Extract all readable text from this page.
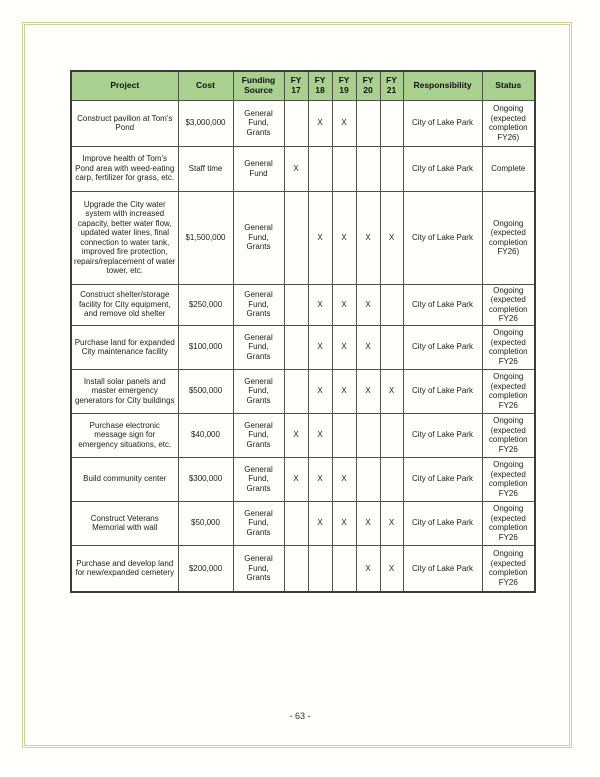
Project	Cost	Funding Source	FY 17	FY 18	FY 19	FY 20	FY 21	Responsibility	Status
Construct pavilion at Tom’s Pond	$3,000,000	General Fund, Grants		X	X			City of Lake Park	Ongoing (expected completion FY26)
Improve health of Tom’s Pond area with weed-eating carp, fertilizer for grass, etc.	Staff time	General Fund	X					City of Lake Park	Complete
Upgrade the City water system with increased capacity, better water flow, updated water lines, final connection to water tank, improved fire protection, repairs/replacement of water tower, etc.	$1,500,000	General Fund, Grants		X	X	X	X	City of Lake Park	Ongoing (expected completion FY26)
Construct shelter/storage facility for City equipment, and remove old shelter	$250,000	General Fund, Grants		X	X	X		City of Lake Park	Ongoing (expected completion FY26
Purchase land for expanded City maintenance facility	$100,000	General Fund, Grants		X	X	X		City of Lake Park	Ongoing (expected completion FY26
Install solar panels and master emergency generators for City buildings	$500,000	General Fund, Grants		X	X	X	X	City of Lake Park	Ongoing (expected completion FY26
Purchase electronic message sign for emergency situations, etc.	$40,000	General Fund, Grants	X	X				City of Lake Park	Ongoing (expected completion FY26
Build community center	$300,000	General Fund, Grants	X	X	X			City of Lake Park	Ongoing (expected completion FY26
Construct Veterans Memorial with wall	$50,000	General Fund, Grants		X	X	X	X	City of Lake Park	Ongoing (expected completion FY26
Purchase and develop land for new/expanded cemetery	$200,000	General Fund, Grants				X	X	City of Lake Park	Ongoing (expected completion FY26
- 63 -
